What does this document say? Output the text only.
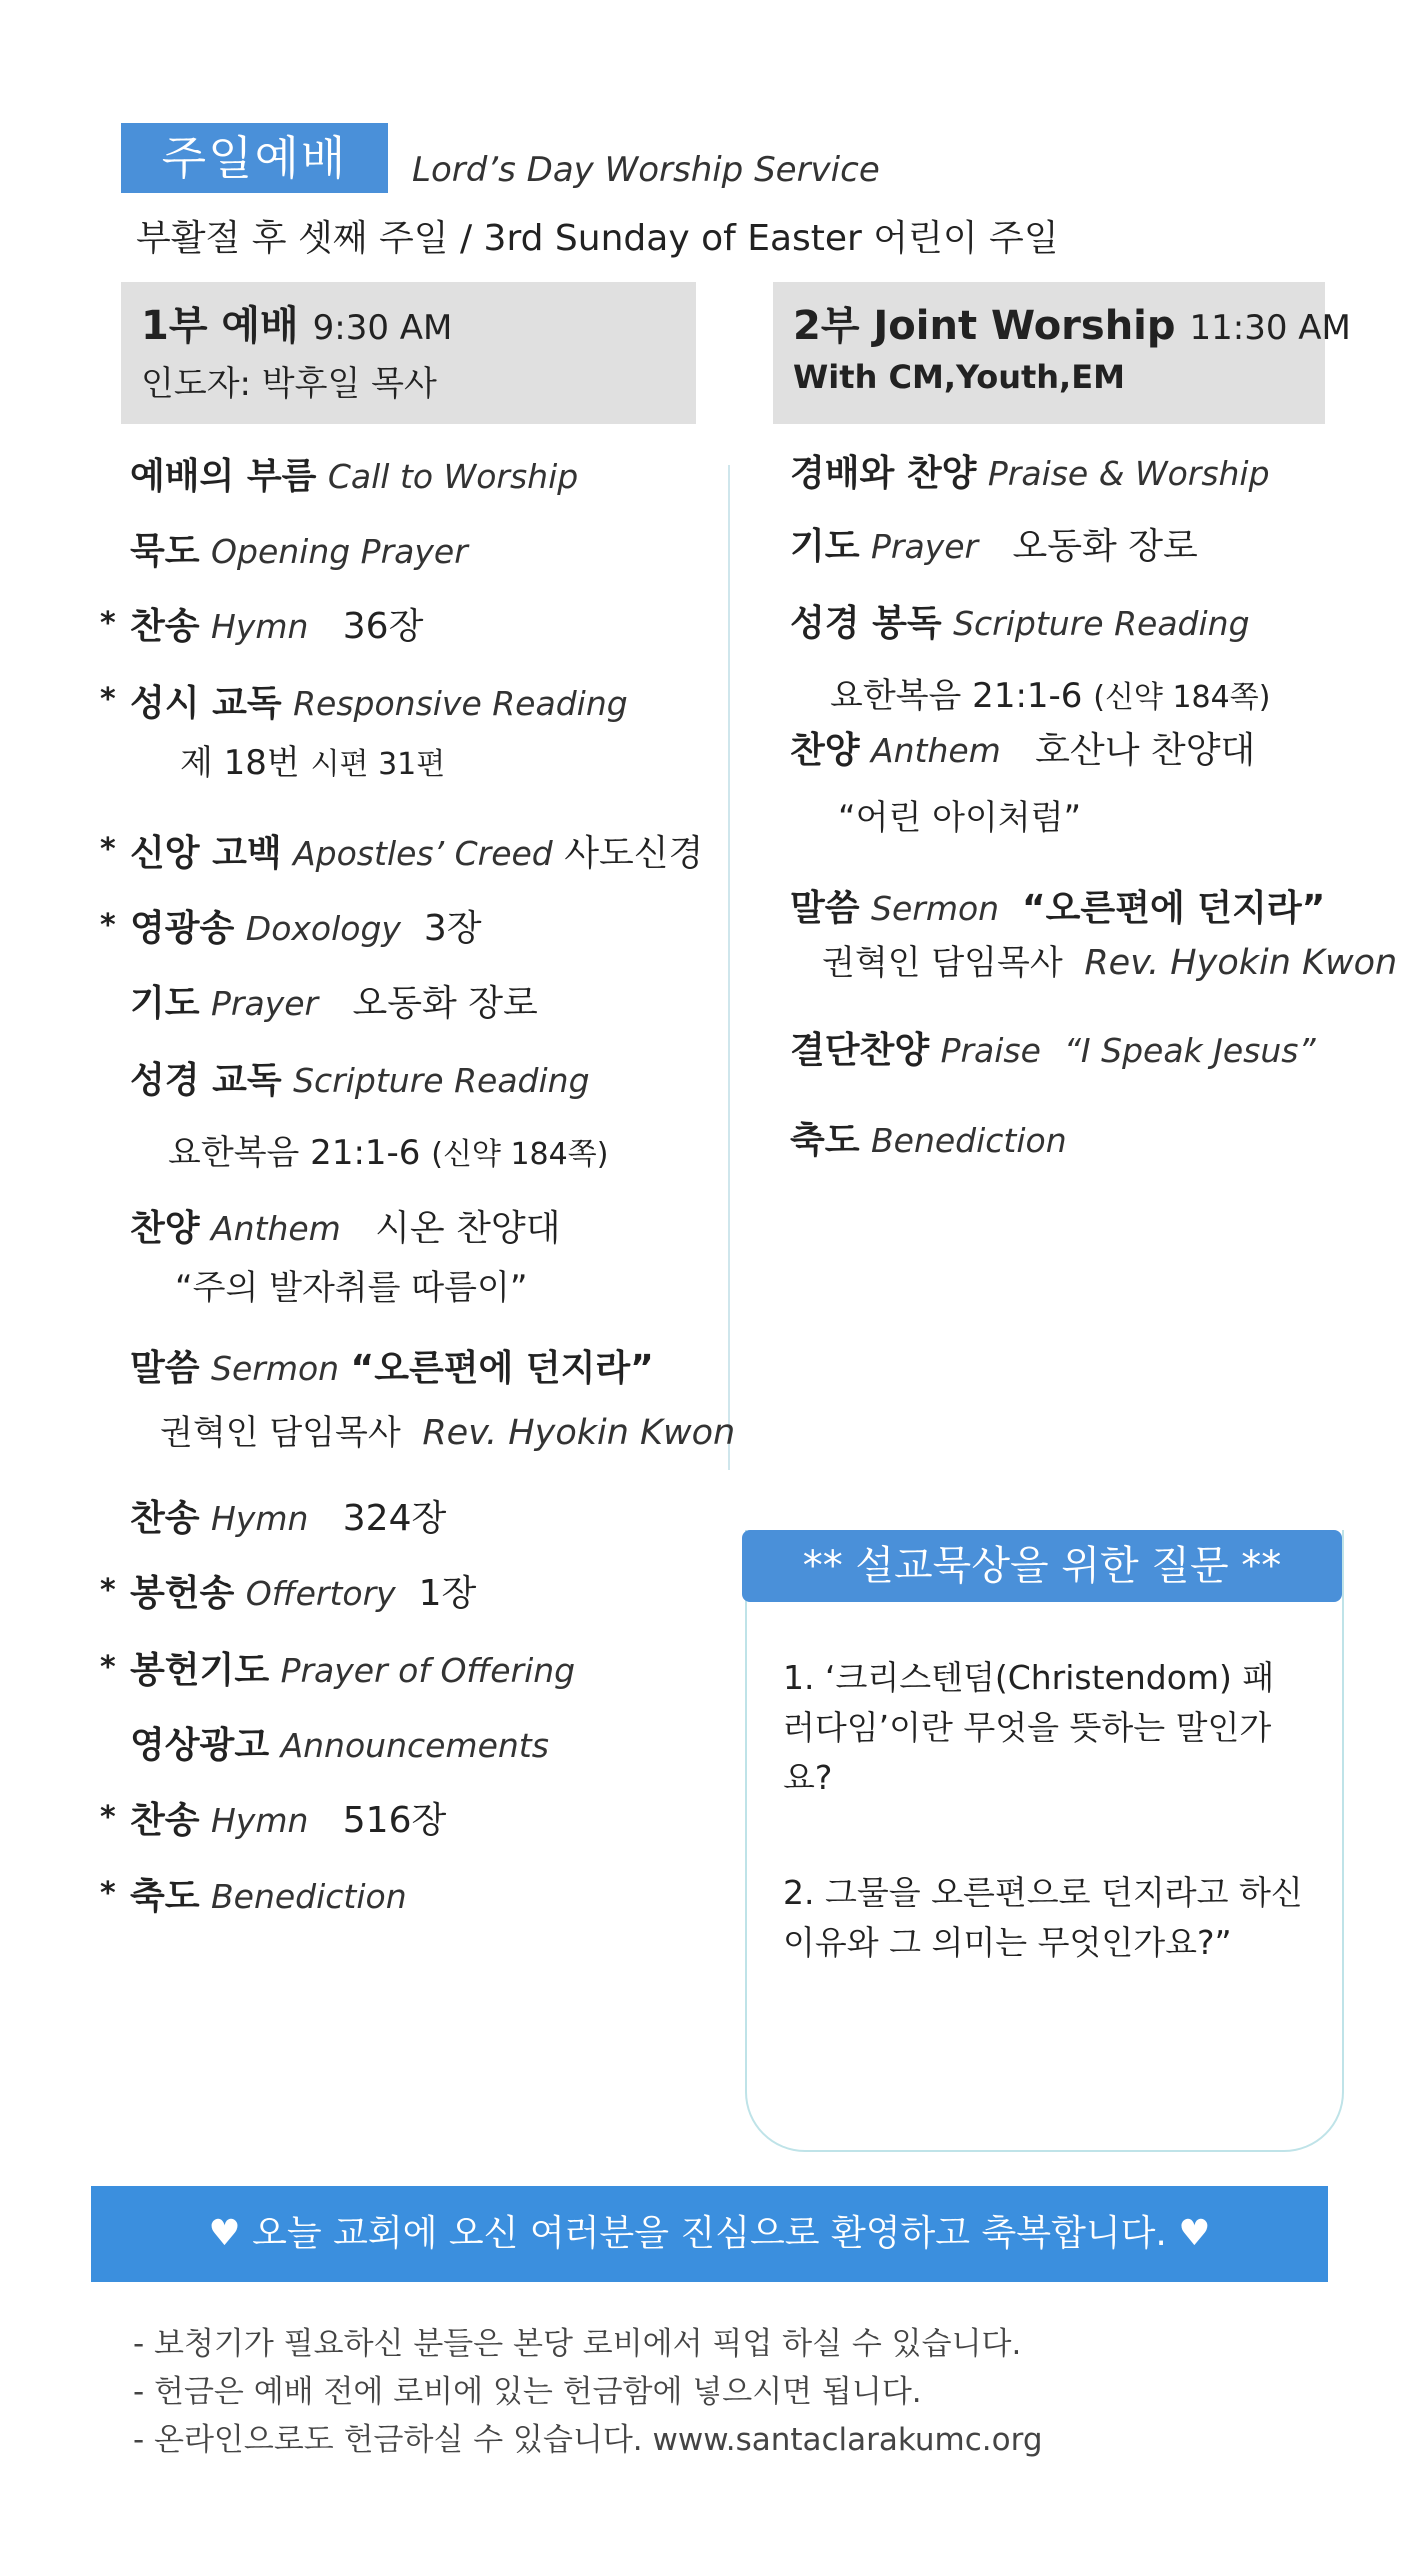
주일예배	Lord’s Day Worship Service
부활절 후 셋째 주일 / 3rd Sunday of Easter 어린이 주일
1부 예배 9:30 AM
인도자: 박후일 목사
2부 Joint Worship 11:30 AM
With CM,Youth,EM
예배의 부름 Call to Worship
묵도 Opening Prayer
* 찬송 Hymn 36장
* 성시 교독 Responsive Reading
제 18번 시편 31편
* 신앙 고백 Apostles’ Creed 사도신경
* 영광송 Doxology 3장
기도 Prayer 오동화 장로
성경 교독 Scripture Reading
요한복음 21:1-6 (신약 184쪽)
찬양 Anthem 시온 찬양대
“주의 발자취를 따름이”
말씀 Sermon “오른편에 던지라”
권혁인 담임목사 Rev. Hyokin Kwon
찬송 Hymn 324장
* 봉헌송 Offertory 1장
* 봉헌기도 Prayer of Offering
영상광고 Announcements
* 찬송 Hymn 516장
* 축도 Benediction
경배와 찬양 Praise & Worship
기도 Prayer 오동화 장로
성경 봉독 Scripture Reading
요한복음 21:1-6 (신약 184쪽)
찬양 Anthem 호산나 찬양대
“어린 아이처럼”
말씀 Sermon “오른편에 던지라”
권혁인 담임목사 Rev. Hyokin Kwon
결단찬양 Praise “I Speak Jesus”
축도 Benediction
** 설교묵상을 위한 질문 **
1. ‘크리스텐덤(Christendom) 패러다임’이란 무엇을 뜻하는 말인가요?
2. 그물을 오른편으로 던지라고 하신 이유와 그 의미는 무엇인가요?”
♥ 오늘 교회에 오신 여러분을 진심으로 환영하고 축복합니다. ♥
- 보청기가 필요하신 분들은 본당 로비에서 픽업 하실 수 있습니다.
- 헌금은 예배 전에 로비에 있는 헌금함에 넣으시면 됩니다.
- 온라인으로도 헌금하실 수 있습니다. www.santaclarakumc.org
